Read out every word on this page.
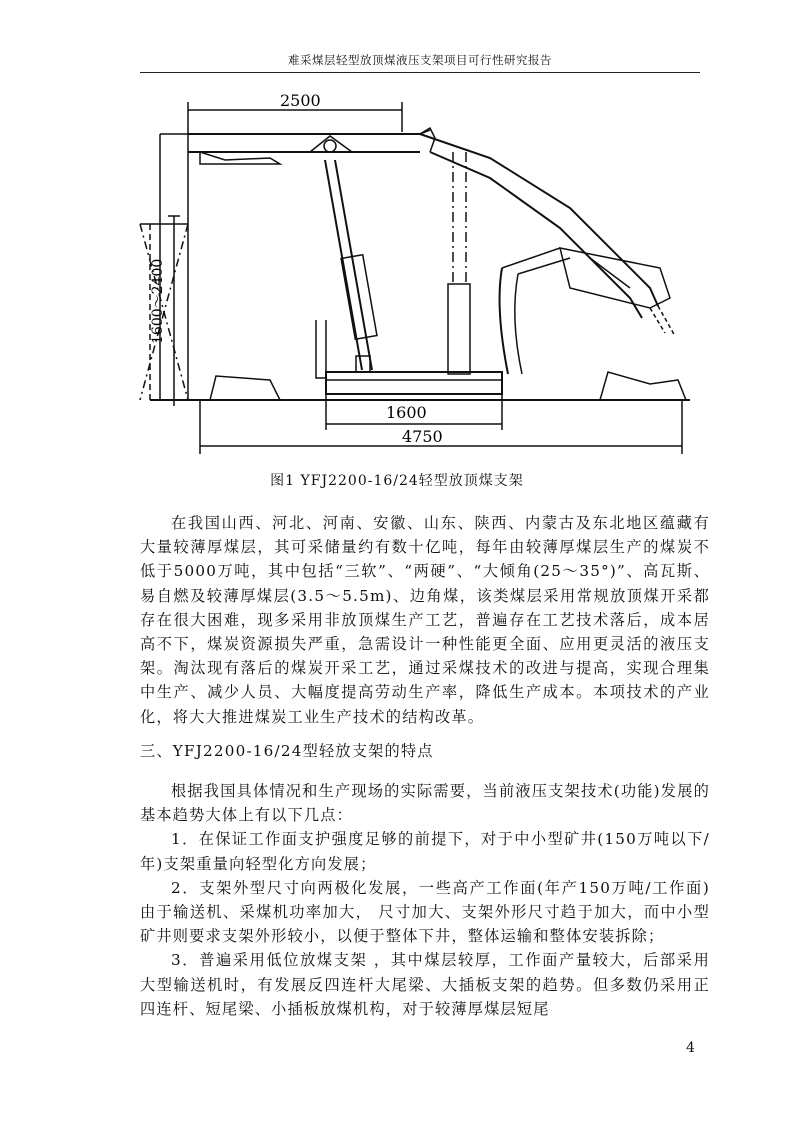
难采煤层轻型放顶煤液压支架项目可行性研究报告
2500
1600～2400
1600
4750
图1 YFJ2200-16/24轻型放顶煤支架
在我国山西、河北、河南、安徽、山东、陕西、内蒙古及东北地区蕴藏有大量较薄厚煤层，其可采储量约有数十亿吨，每年由较薄厚煤层生产的煤炭不低于5000万吨，其中包括“三软”、“两硬”、“大倾角(25～35°)”、高瓦斯、易自燃及较薄厚煤层(3.5～5.5m)、边角煤，该类煤层采用常规放顶煤开采都存在很大困难，现多采用非放顶煤生产工艺，普遍存在工艺技术落后，成本居高不下，煤炭资源损失严重，急需设计一种性能更全面、应用更灵活的液压支架。淘汰现有落后的煤炭开采工艺，通过采煤技术的改进与提高，实现合理集中生产、减少人员、大幅度提高劳动生产率，降低生产成本。本项技术的产业化，将大大推进煤炭工业生产技术的结构改革。
三、YFJ2200-16/24型轻放支架的特点

根据我国具体情况和生产现场的实际需要，当前液压支架技术(功能)发展的基本趋势大体上有以下几点：

1．在保证工作面支护强度足够的前提下，对于中小型矿井(150万吨以下/年)支架重量向轻型化方向发展；

2．支架外型尺寸向两极化发展，一些高产工作面(年产150万吨/工作面)由于输送机、采煤机功率加大， 尺寸加大、支架外形尺寸趋于加大，而中小型矿井则要求支架外形较小，以便于整体下井，整体运输和整体安装拆除；

3．普遍采用低位放煤支架 ，其中煤层较厚，工作面产量较大，后部采用大型输送机时，有发展反四连杆大尾梁、大插板支架的趋势。但多数仍采用正四连杆、短尾梁、小插板放煤机构，对于较薄厚煤层短尾

4
